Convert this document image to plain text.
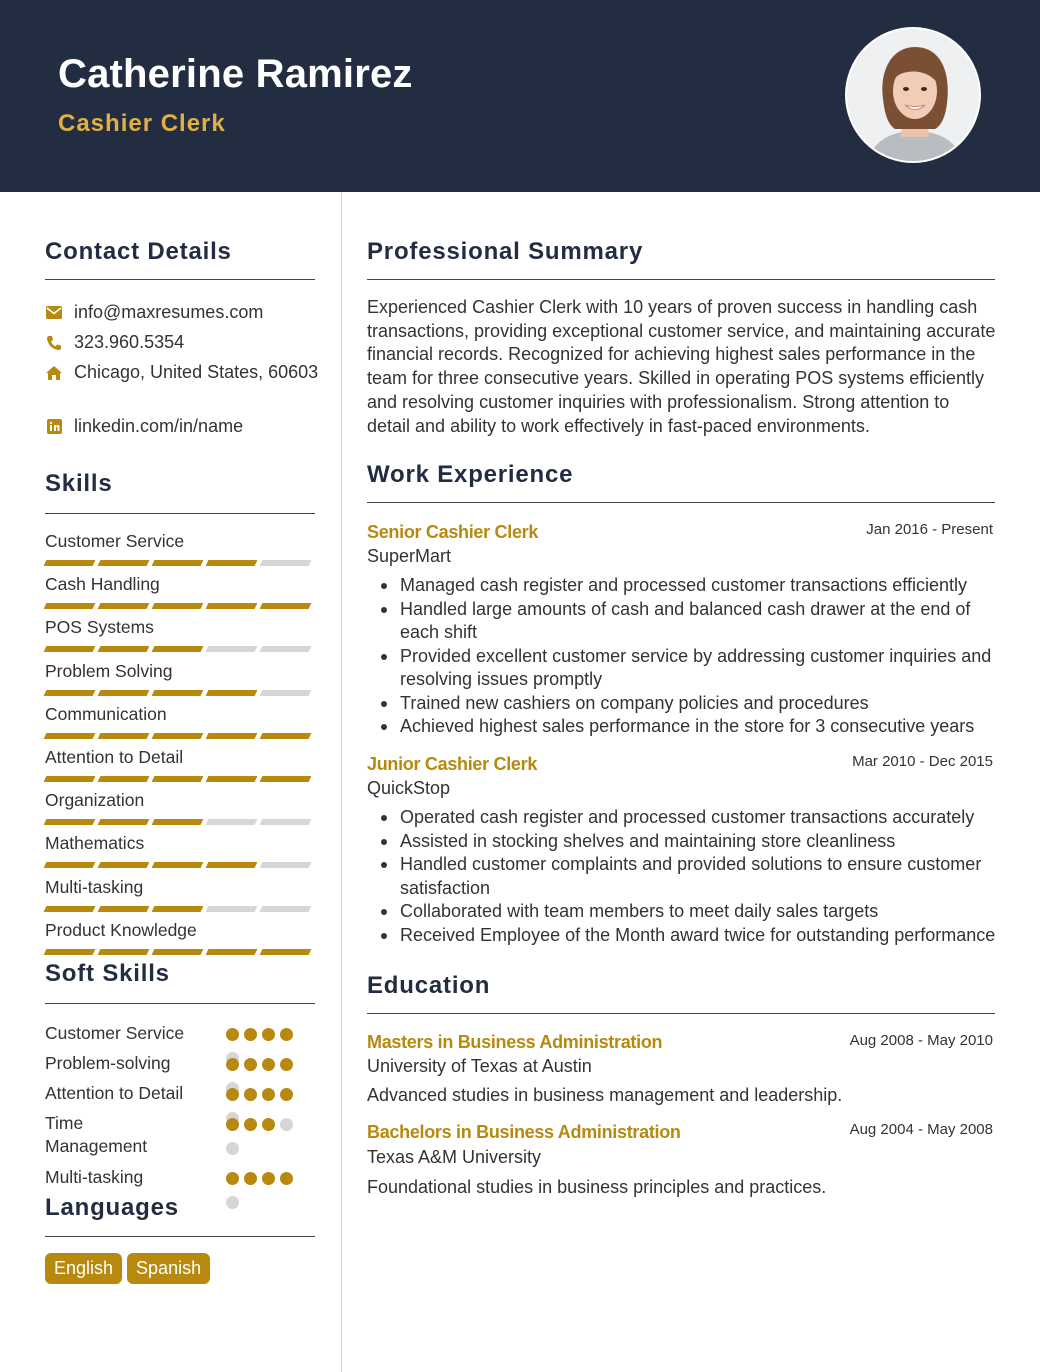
Catherine Ramirez
Cashier Clerk
Contact Details
info@maxresumes.com
323.960.5354
Chicago, United States, 60603
linkedin.com/in/name
Skills
Customer Service
Cash Handling
POS Systems
Problem Solving
Communication
Attention to Detail
Organization
Mathematics
Multi-tasking
Product Knowledge
Soft Skills
Customer Service
Problem-solving
Attention to Detail
Time Management
Multi-tasking
Languages
English	Spanish
Professional Summary
Experienced Cashier Clerk with 10 years of proven success in handling cash transactions, providing exceptional customer service, and maintaining accurate financial records. Recognized for achieving highest sales performance in the team for three consecutive years. Skilled in operating POS systems efficiently and resolving customer inquiries with professionalism. Strong attention to detail and ability to work effectively in fast-paced environments.
Work Experience
Senior Cashier Clerk	Jan 2016 - Present
SuperMart
Managed cash register and processed customer transactions efficiently
Handled large amounts of cash and balanced cash drawer at the end of each shift
Provided excellent customer service by addressing customer inquiries and resolving issues promptly
Trained new cashiers on company policies and procedures
Achieved highest sales performance in the store for 3 consecutive years
Junior Cashier Clerk	Mar 2010 - Dec 2015
QuickStop
Operated cash register and processed customer transactions accurately
Assisted in stocking shelves and maintaining store cleanliness
Handled customer complaints and provided solutions to ensure customer satisfaction
Collaborated with team members to meet daily sales targets
Received Employee of the Month award twice for outstanding performance
Education
Masters in Business Administration	Aug 2008 - May 2010
University of Texas at Austin
Advanced studies in business management and leadership.
Bachelors in Business Administration	Aug 2004 - May 2008
Texas A&M University
Foundational studies in business principles and practices.
